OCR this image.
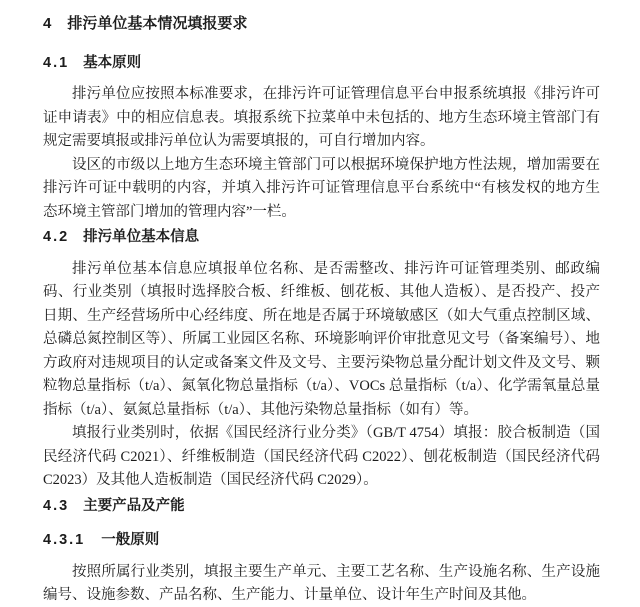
4 排污单位基本情况填报要求
4.1 基本原则

排污单位应按照本标准要求，在排污许可证管理信息平台申报系统填报《排污许可证申请表》中的相应信息表。填报系统下拉菜单中未包括的、地方生态环境主管部门有规定需要填报或排污单位认为需要填报的，可自行增加内容。

设区的市级以上地方生态环境主管部门可以根据环境保护地方性法规，增加需要在排污许可证中载明的内容，并填入排污许可证管理信息平台系统中“有核发权的地方生态环境主管部门增加的管理内容”一栏。

4.2 排污单位基本信息

排污单位基本信息应填报单位名称、是否需整改、排污许可证管理类别、邮政编码、行业类别（填报时选择胶合板、纤维板、刨花板、其他人造板）、是否投产、投产日期、生产经营场所中心经纬度、所在地是否属于环境敏感区（如大气重点控制区域、总磷总氮控制区等）、所属工业园区名称、环境影响评价审批意见文号（备案编号）、地方政府对违规项目的认定或备案文件及文号、主要污染物总量分配计划文件及文号、颗粒物总量指标（t/a）、氮氧化物总量指标（t/a）、VOCs 总量指标（t/a）、化学需氧量总量指标（t/a）、氨氮总量指标（t/a）、其他污染物总量指标（如有）等。

填报行业类别时，依据《国民经济行业分类》（GB/T 4754）填报：胶合板制造（国民经济代码 C2021）、纤维板制造（国民经济代码 C2022）、刨花板制造（国民经济代码 C2023）及其他人造板制造（国民经济代码 C2029）。

4.3 主要产品及产能
4.3.1 一般原则

按照所属行业类别，填报主要生产单元、主要工艺名称、生产设施名称、生产设施编号、设施参数、产品名称、生产能力、计量单位、设计年生产时间及其他。
